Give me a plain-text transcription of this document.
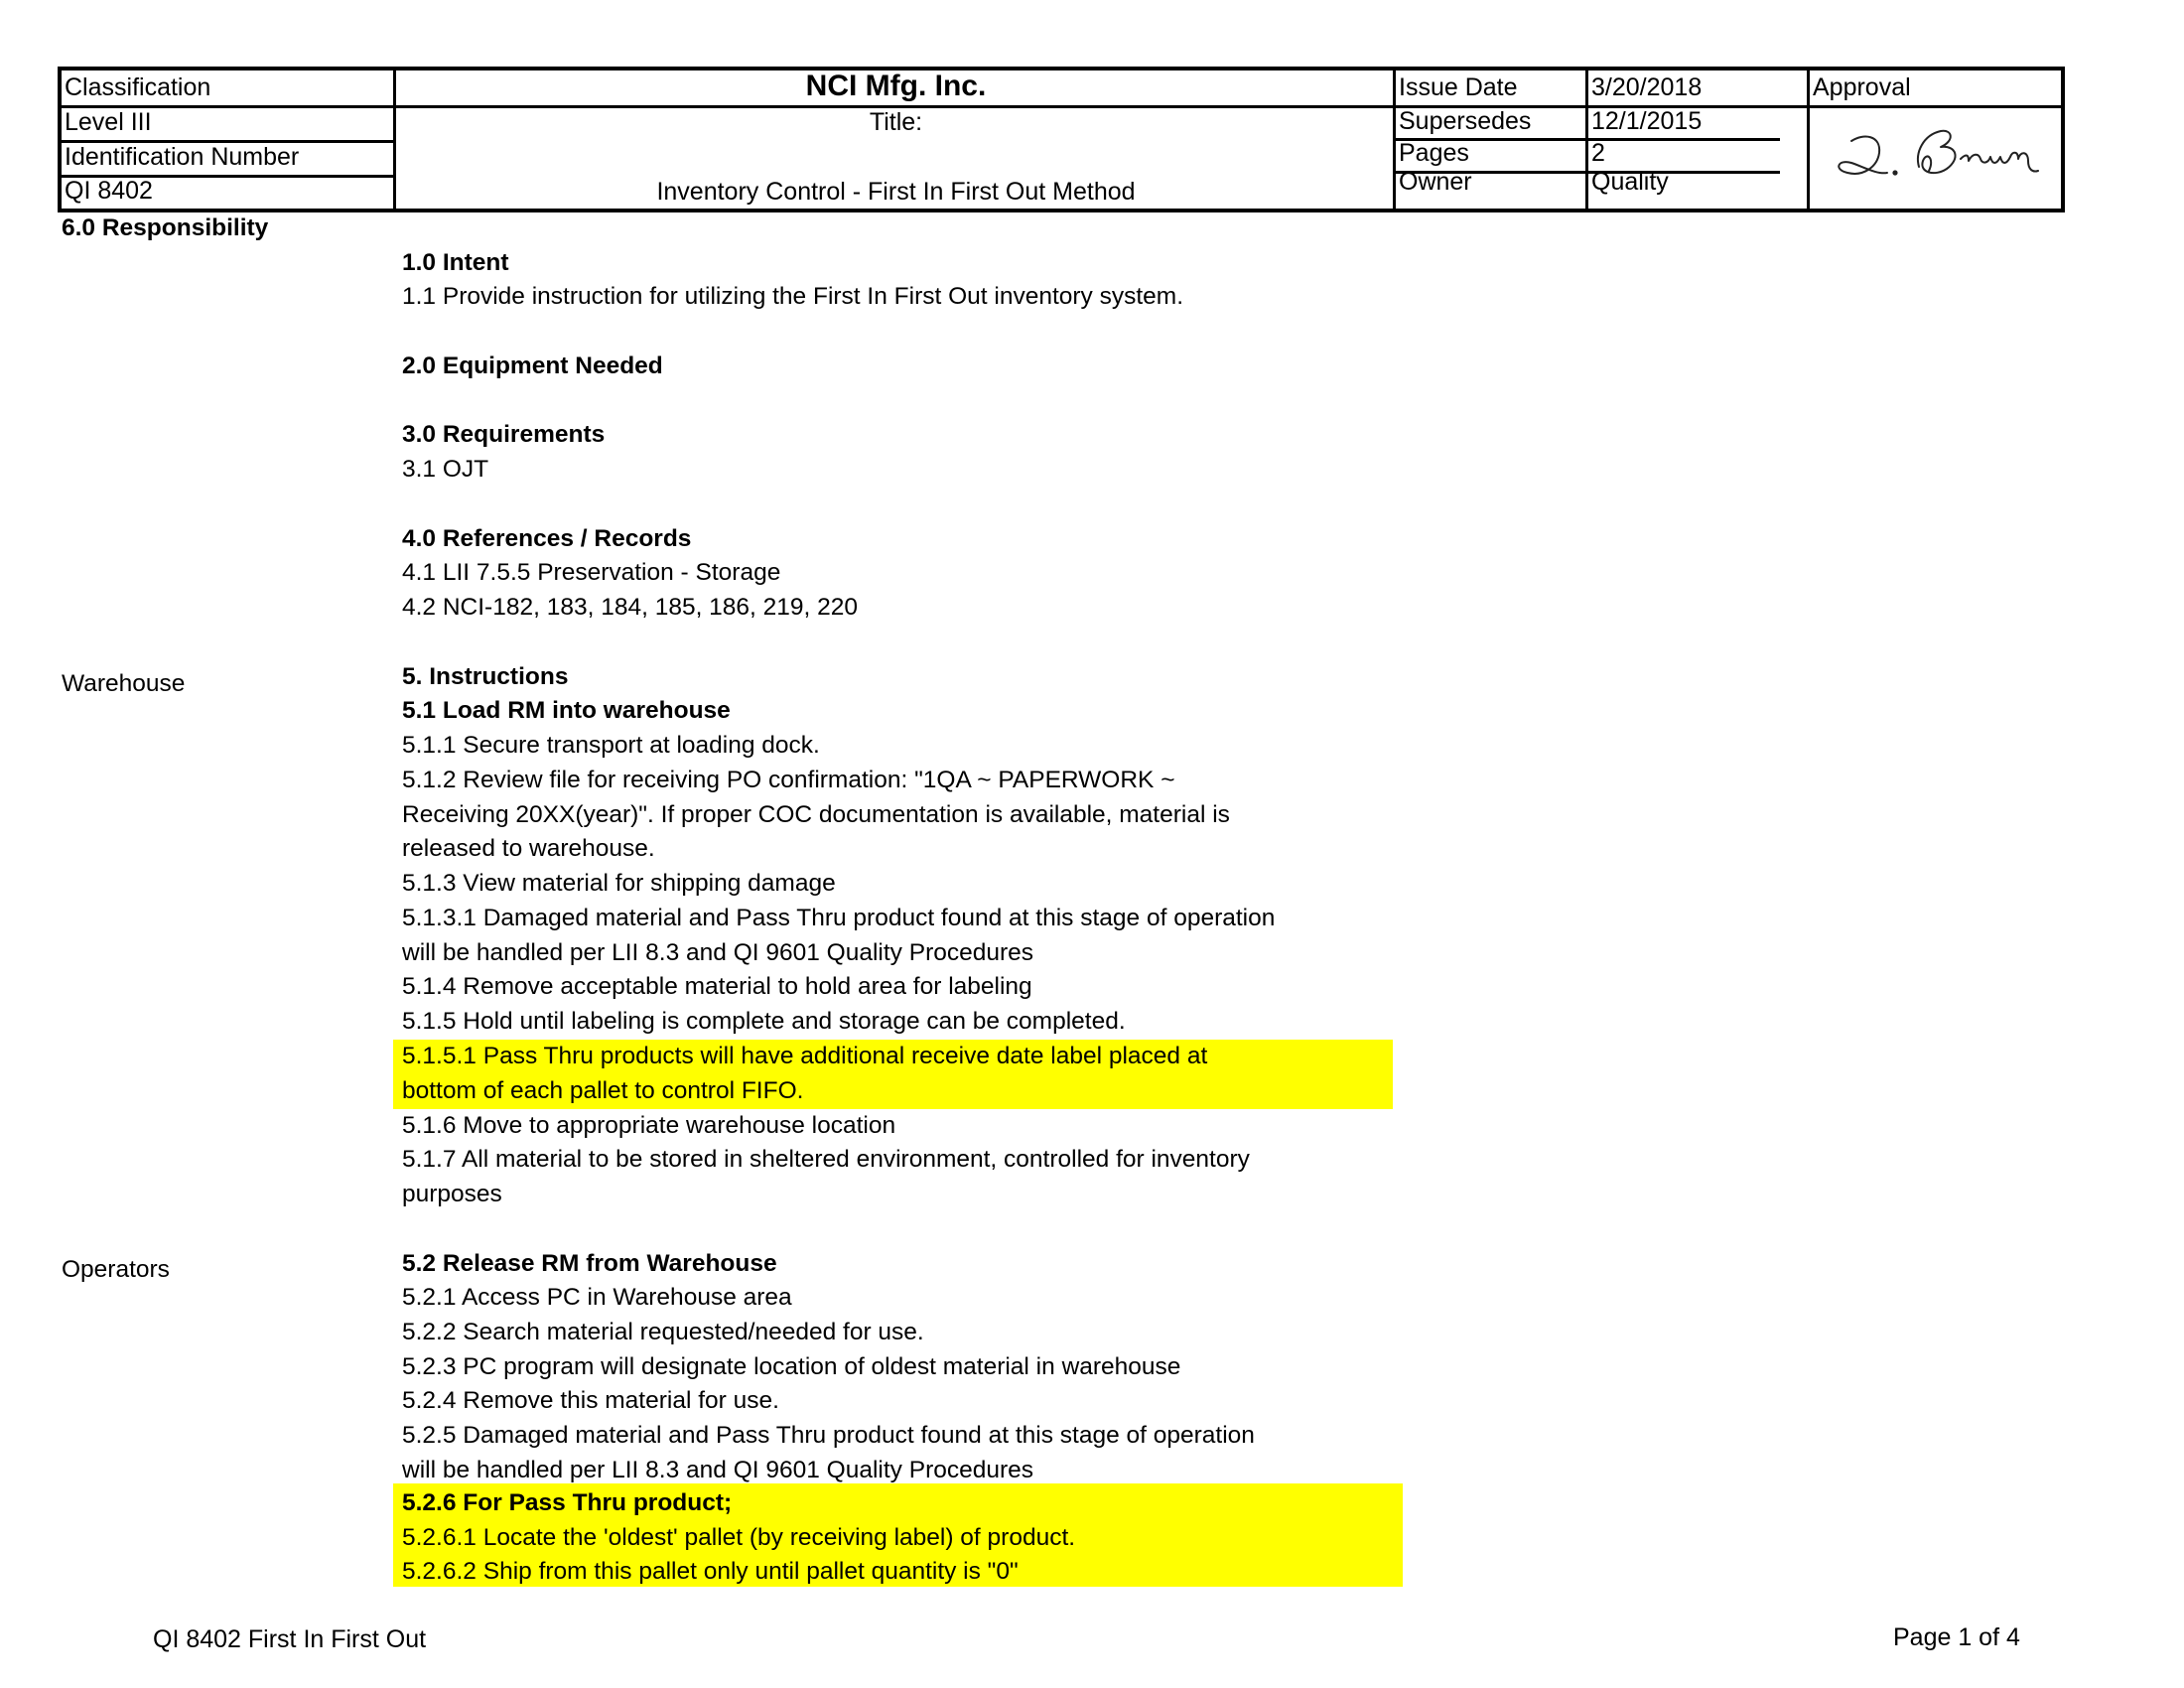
Classification
Level III
Identification Number
QI 8402
NCI Mfg. Inc.
Title:
Inventory Control - First In First Out Method
Issue Date	3/20/2018
Supersedes	12/1/2015
Pages	2
Owner	Quality
Approval
6.0 Responsibility
Warehouse
Operators
1.0 Intent
1.1 Provide instruction for utilizing the First In First Out inventory system.
2.0 Equipment Needed
3.0 Requirements
3.1 OJT
4.0 References / Records
4.1 LII 7.5.5 Preservation - Storage
4.2 NCI-182, 183, 184, 185, 186, 219, 220
5. Instructions
5.1 Load RM into warehouse
5.1.1 Secure transport at loading dock.
5.1.2 Review file for receiving PO confirmation: "1QA ~ PAPERWORK ~
Receiving 20XX(year)". If proper COC documentation is available, material is
released to warehouse.
5.1.3 View material for shipping damage
5.1.3.1 Damaged material and Pass Thru product found at this stage of operation
will be handled per LII 8.3 and QI 9601 Quality Procedures
5.1.4 Remove acceptable material to hold area for labeling
5.1.5 Hold until labeling is complete and storage can be completed.
5.1.5.1 Pass Thru products will have additional receive date label placed at
bottom of each pallet to control FIFO.
5.1.6 Move to appropriate warehouse location
5.1.7 All material to be stored in sheltered environment, controlled for inventory
purposes
5.2 Release RM from Warehouse
5.2.1 Access PC in Warehouse area
5.2.2 Search material requested/needed for use.
5.2.3 PC program will designate location of oldest material in warehouse
5.2.4 Remove this material for use.
5.2.5 Damaged material and Pass Thru product found at this stage of operation
will be handled per LII 8.3 and QI 9601 Quality Procedures
5.2.6 For Pass Thru product;
5.2.6.1 Locate the 'oldest' pallet (by receiving label) of product.
5.2.6.2 Ship from this pallet only until pallet quantity is "0"
QI 8402 First In First Out	Page 1 of 4
